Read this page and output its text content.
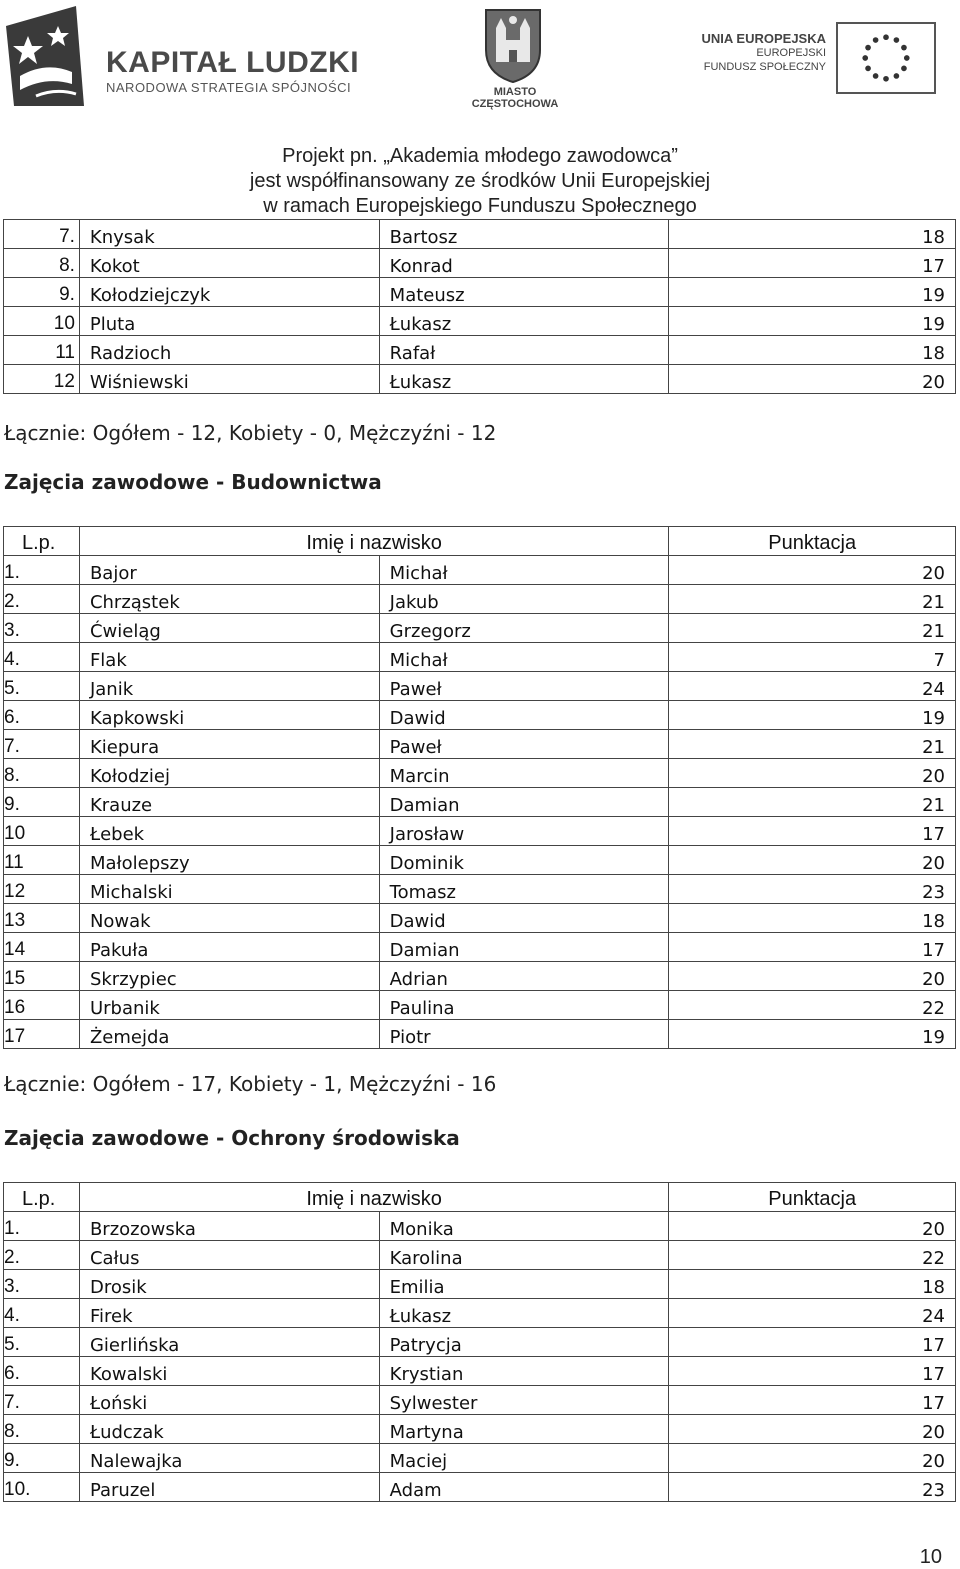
KAPITAŁ LUDZKI
NARODOWA STRATEGIA SPÓJNOŚCI	MIASTO
CZĘSTOCHOWA
UNIA EUROPEJSKA
EUROPEJSKI
FUNDUSZ SPOŁECZNY
Projekt pn. „Akademia młodego zawodowca”
jest współfinansowany ze środków Unii Europejskiej
w ramach Europejskiego Funduszu Społecznego
7.	Knysak	Bartosz	18
8.	Kokot	Konrad	17
9.	Kołodziejczyk	Mateusz	19
10	Pluta	Łukasz	19
11	Radzioch	Rafał	18
12	Wiśniewski	Łukasz	20
Łącznie: Ogółem - 12, Kobiety - 0, Mężczyźni - 12
Zajęcia zawodowe - Budownictwa
L.p.	Imię i nazwisko		Punktacja
1.	Bajor	Michał	20
2.	Chrząstek	Jakub	21
3.	Ćwieląg	Grzegorz	21
4.	Flak	Michał	7
5.	Janik	Paweł	24
6.	Kapkowski	Dawid	19
7.	Kiepura	Paweł	21
8.	Kołodziej	Marcin	20
9.	Krauze	Damian	21
10	Łebek	Jarosław	17
11	Małolepszy	Dominik	20
12	Michalski	Tomasz	23
13	Nowak	Dawid	18
14	Pakuła	Damian	17
15	Skrzypiec	Adrian	20
16	Urbanik	Paulina	22
17	Żemejda	Piotr	19
Łącznie: Ogółem - 17, Kobiety - 1, Mężczyźni - 16
Zajęcia zawodowe - Ochrony środowiska
L.p.	Imię i nazwisko		Punktacja
1.	Brzozowska	Monika	20
2.	Całus	Karolina	22
3.	Drosik	Emilia	18
4.	Firek	Łukasz	24
5.	Gierlińska	Patrycja	17
6.	Kowalski	Krystian	17
7.	Łoński	Sylwester	17
8.	Łudczak	Martyna	20
9.	Nalewajka	Maciej	20
10.	Paruzel	Adam	23
10
